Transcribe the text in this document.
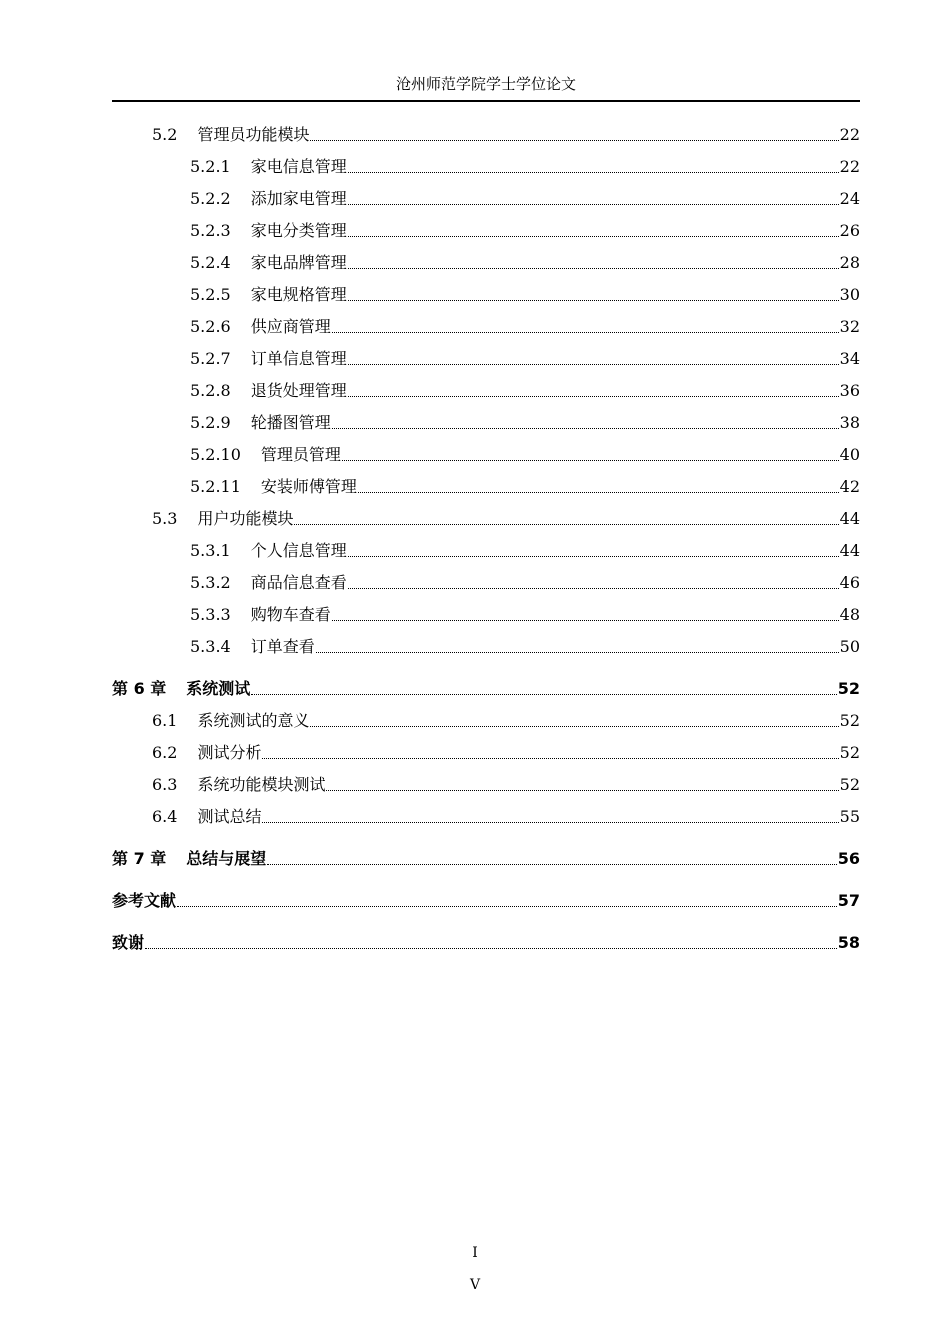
沧州师范学院学士学位论文
5.2 管理员功能模块	22
5.2.1 家电信息管理	22
5.2.2 添加家电管理	24
5.2.3 家电分类管理	26
5.2.4 家电品牌管理	28
5.2.5 家电规格管理	30
5.2.6 供应商管理	32
5.2.7 订单信息管理	34
5.2.8 退货处理管理	36
5.2.9 轮播图管理	38
5.2.10 管理员管理	40
5.2.11 安装师傅管理	42
5.3 用户功能模块	44
5.3.1 个人信息管理	44
5.3.2 商品信息查看	46
5.3.3 购物车查看	48
5.3.4 订单查看	50
第 6 章 系统测试	52
6.1 系统测试的意义	52
6.2 测试分析	52
6.3 系统功能模块测试	52
6.4 测试总结	55
第 7 章 总结与展望	56
参考文献	57
致谢	58
I
V
